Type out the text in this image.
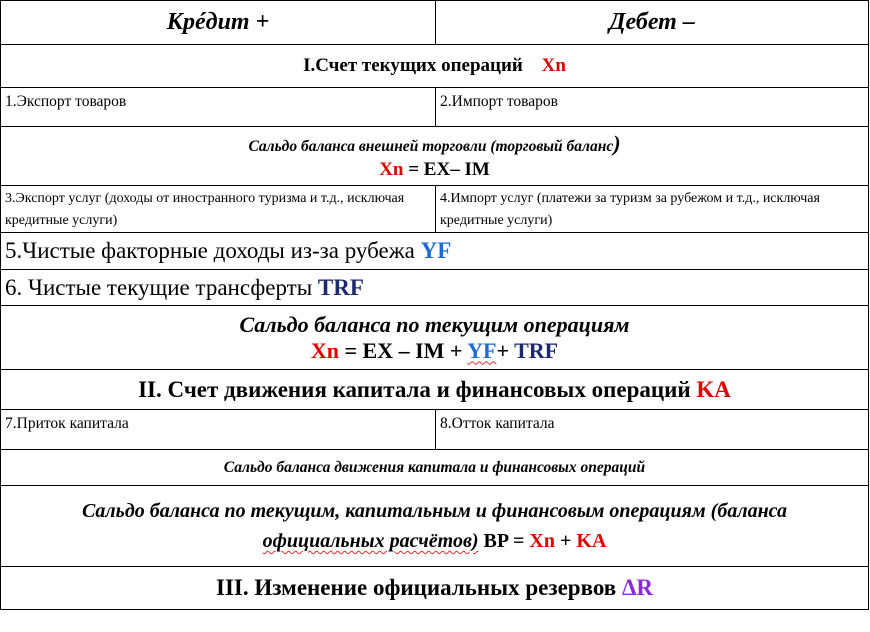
Крéдит +	Дебет –
I.Счет текущих операций Xn	
1.Экспорт товаров	2.Импорт товаров

Сальдо баланса внешней торговли (торговый баланс)
Xn = EX– IM	

3.Экспорт услуг (доходы от иностранного туризма и т.д., исключая кредитные услуги)	4.Импорт услуг (платежи за туризм за рубежом и т.д., исключая кредитные услуги)
5.Чистые факторные доходы из-за рубежа YF	
6. Чистые текущие трансферты TRF	

Сальдо баланса по текущим операциям
Xn = EX – IM + YF+ TRF	

II. Счет движения капитала и финансовых операций KA	
7.Приток капитала	8.Отток капитала
Сальдо баланса движения капитала и финансовых операций	

Сальдо баланса по текущим, капитальным и финансовым операциям (баланса
официальных расчётов) BP = Xn + KA	

III. Изменение официальных резервов ΔR	
